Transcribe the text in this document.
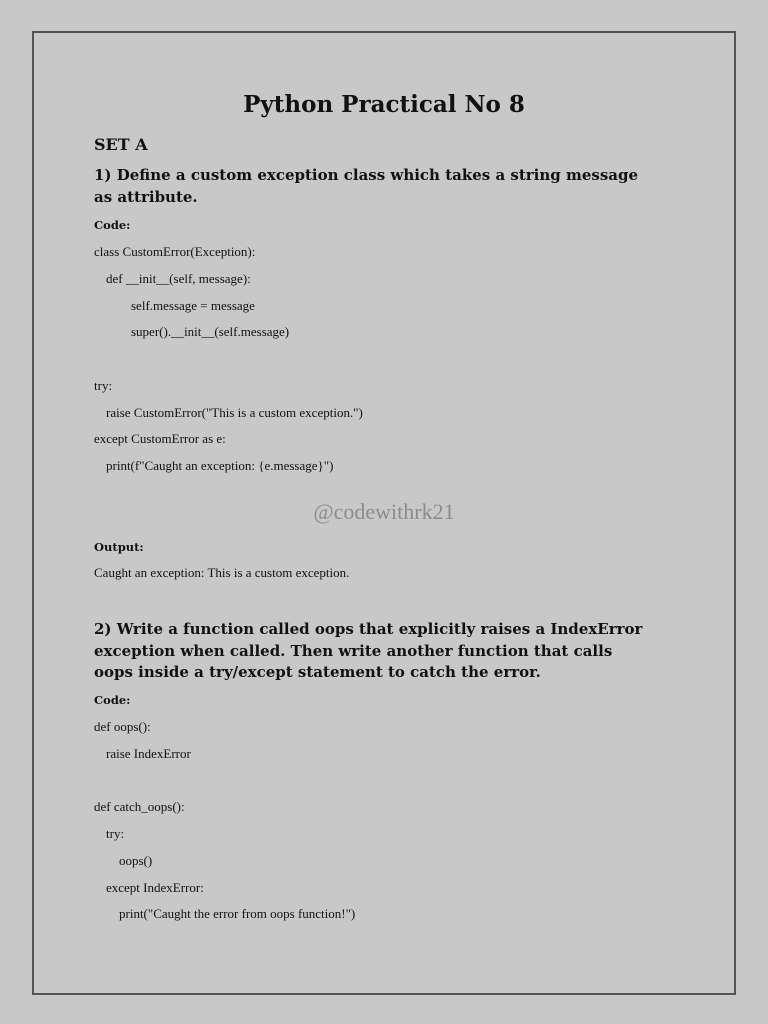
Python Practical No 8
SET A
1) Define a custom exception class which takes a string message as attribute.
Code:
class CustomError(Exception):
def __init__(self, message):
self.message = message
super().__init__(self.message)
try:
raise CustomError("This is a custom exception.")
except CustomError as e:
print(f"Caught an exception: {e.message}")
@codewithrk21
Output:
Caught an exception: This is a custom exception.
2) Write a function called oops that explicitly raises a IndexError exception when called. Then write another function that calls oops inside a try/except statement to catch the error.
Code:
def oops():
raise IndexError
def catch_oops():
try:
oops()
except IndexError:
print("Caught the error from oops function!")
